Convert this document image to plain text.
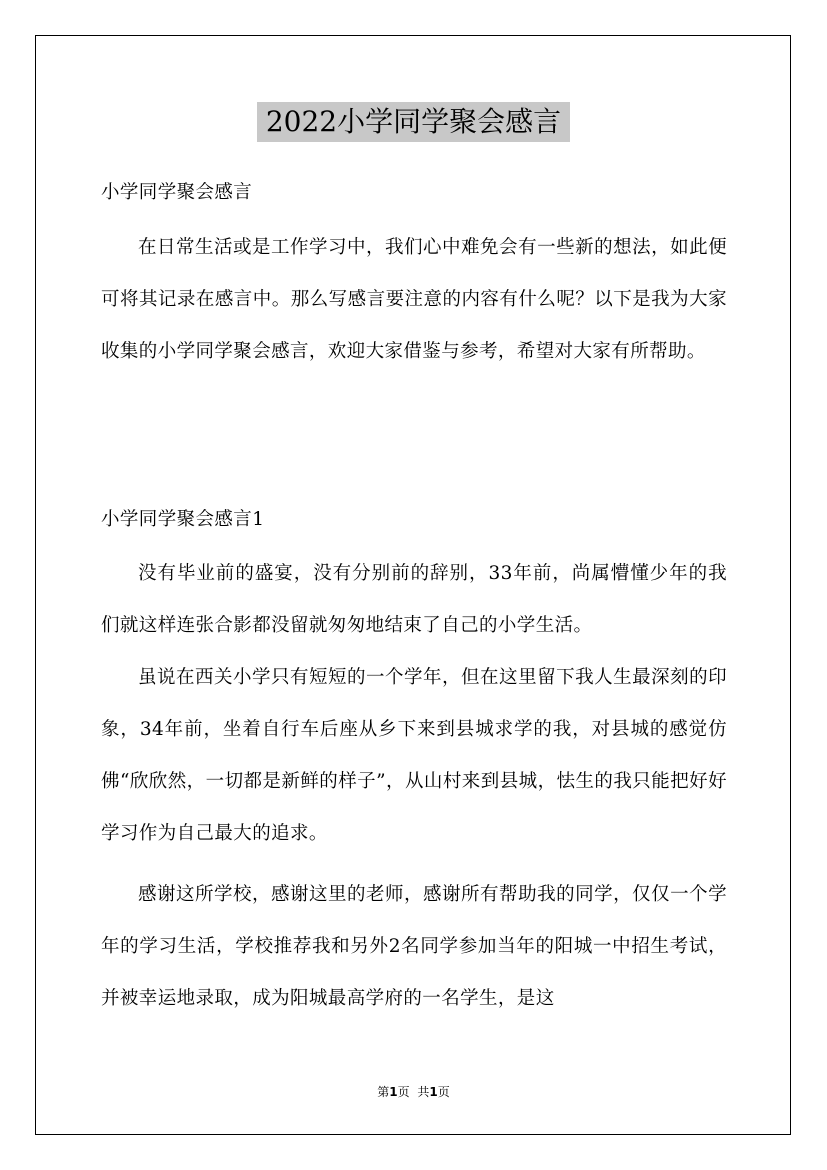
2022小学同学聚会感言
小学同学聚会感言
在日常生活或是工作学习中，我们心中难免会有一些新的想法，如此便可将其记录在感言中。那么写感言要注意的内容有什么呢？以下是我为大家收集的小学同学聚会感言，欢迎大家借鉴与参考，希望对大家有所帮助。
小学同学聚会感言1
没有毕业前的盛宴，没有分别前的辞别，33年前，尚属懵懂少年的我们就这样连张合影都没留就匆匆地结束了自己的小学生活。
虽说在西关小学只有短短的一个学年，但在这里留下我人生最深刻的印象，34年前，坐着自行车后座从乡下来到县城求学的我，对县城的感觉仿佛“欣欣然，一切都是新鲜的样子”，从山村来到县城，怯生的我只能把好好学习作为自己最大的追求。
感谢这所学校，感谢这里的老师，感谢所有帮助我的同学，仅仅一个学年的学习生活，学校推荐我和另外2名同学参加当年的阳城一中招生考试，并被幸运地录取，成为阳城最高学府的一名学生，是这
第1页 共1页
